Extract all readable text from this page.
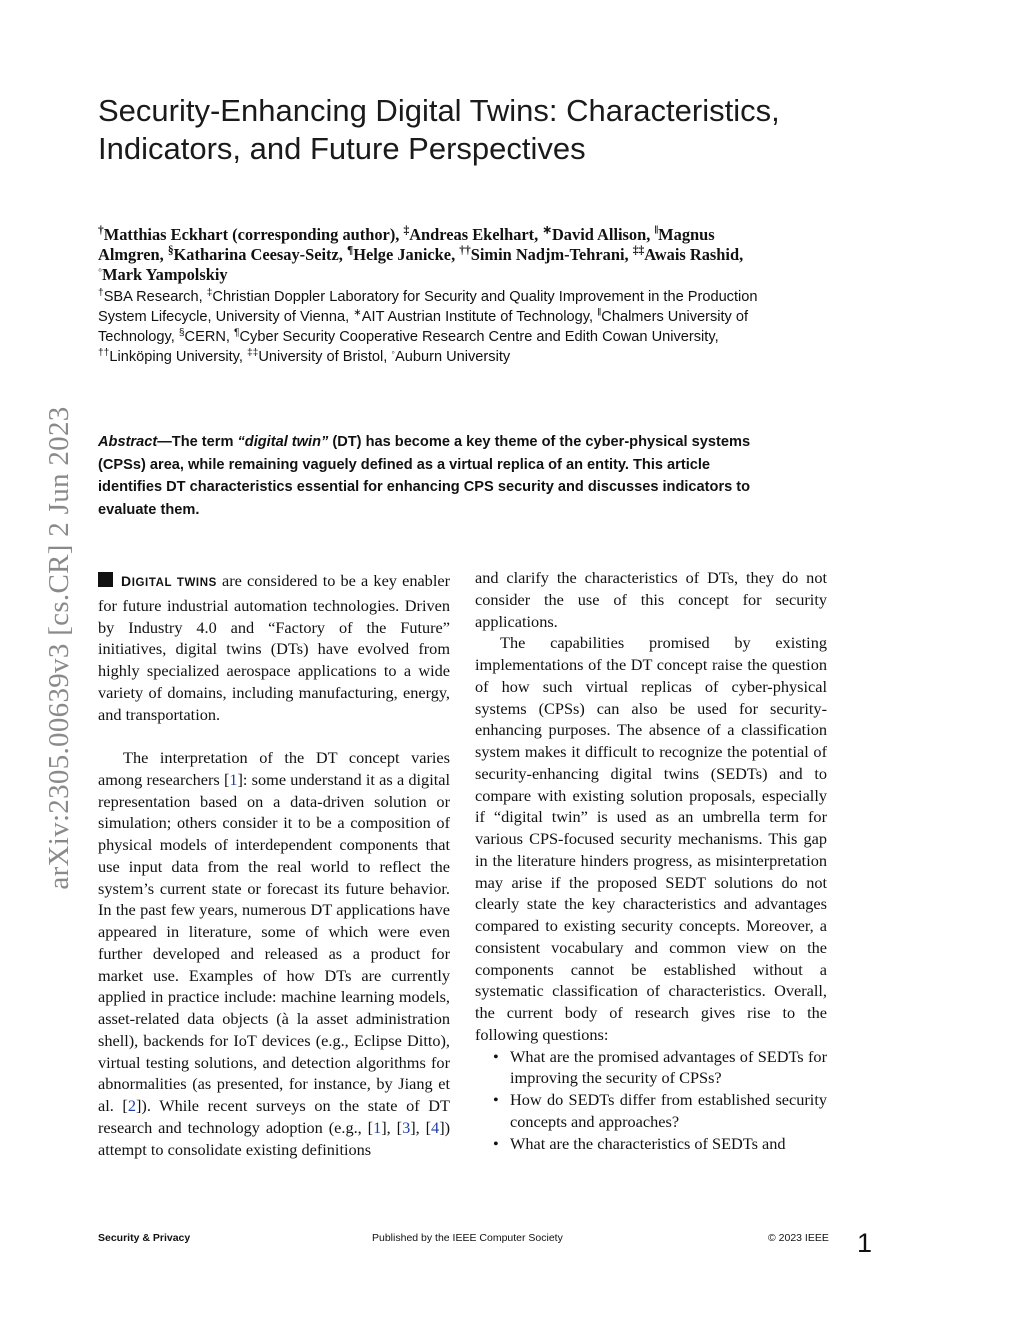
arXiv:2305.00639v3 [cs.CR] 2 Jun 2023
Security-Enhancing Digital Twins: Characteristics,
Indicators, and Future Perspectives
†Matthias Eckhart (corresponding author), ‡Andreas Ekelhart, ∗David Allison, ‖Magnus
Almgren, §Katharina Ceesay-Seitz, ¶Helge Janicke, ††Simin Nadjm-Tehrani, ‡‡Awais Rashid,
◦Mark Yampolskiy
†SBA Research, ‡Christian Doppler Laboratory for Security and Quality Improvement in the Production
System Lifecycle, University of Vienna, ∗AIT Austrian Institute of Technology, ‖Chalmers University of
Technology, §CERN, ¶Cyber Security Cooperative Research Centre and Edith Cowan University,
††Linköping University, ‡‡University of Bristol, ◦Auburn University
Abstract—The term “digital twin” (DT) has become a key theme of the cyber-physical systems
(CPSs) area, while remaining vaguely defined as a virtual replica of an entity. This article
identifies DT characteristics essential for enhancing CPS security and discusses indicators to
evaluate them.

DIGITAL TWINS are considered to be a key enabler for future industrial automation technologies. Driven by Industry 4.0 and “Factory of the Future” initiatives, digital twins (DTs) have evolved from highly specialized aerospace applications to a wide variety of domains, including manufacturing, energy, and transportation.

The interpretation of the DT concept varies among researchers [1]: some understand it as a digital representation based on a data-driven solution or simulation; others consider it to be a composition of physical models of interdependent components that use input data from the real world to reflect the system’s current state or forecast its future behavior. In the past few years, numerous DT applications have appeared in literature, some of which were even further developed and released as a product for market use. Examples of how DTs are currently applied in practice include: machine learning models, asset-related data objects (à la asset administration shell), backends for IoT devices (e.g., Eclipse Ditto), virtual testing solutions, and detection algorithms for abnormalities (as presented, for instance, by Jiang et al. [2]). While recent surveys on the state of DT research and technology adoption (e.g., [1], [3], [4]) attempt to consolidate existing definitions

and clarify the characteristics of DTs, they do not consider the use of this concept for security applications.

The capabilities promised by existing implementations of the DT concept raise the question of how such virtual replicas of cyber-physical systems (CPSs) can also be used for security-enhancing purposes. The absence of a classification system makes it difficult to recognize the potential of security-enhancing digital twins (SEDTs) and to compare with existing solution proposals, especially if “digital twin” is used as an umbrella term for various CPS-focused security mechanisms. This gap in the literature hinders progress, as misinterpretation may arise if the proposed SEDT solutions do not clearly state the key characteristics and advantages compared to existing security concepts. Moreover, a consistent vocabulary and common view on the components cannot be established without a systematic classification of characteristics. Overall, the current body of research gives rise to the following questions:

• What are the promised advantages of SEDTs for improving the security of CPSs?
• How do SEDTs differ from established security concepts and approaches?
• What are the characteristics of SEDTs and
Security & Privacy	Published by the IEEE Computer Society	© 2023 IEEE 1
